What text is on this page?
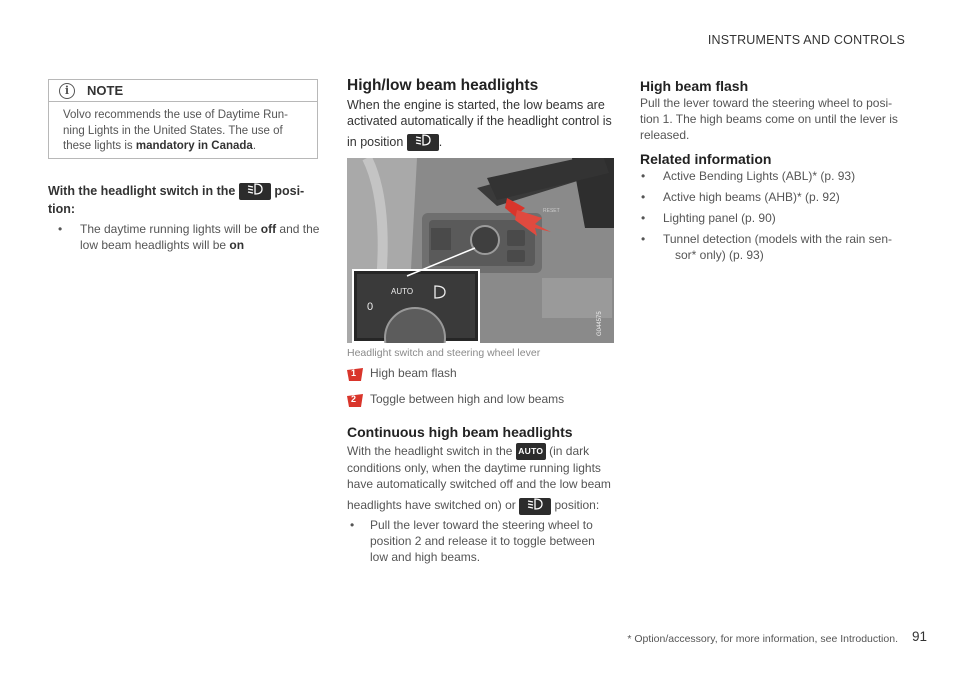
INSTRUMENTS AND CONTROLS
i	NOTE
Volvo recommends the use of Daytime Run-
ning Lights in the United States. The use of
these lights is mandatory in Canada.
With the headlight switch in the	posi-
tion:
• The daytime running lights will be off and the
low beam headlights will be on
High/low beam headlights
When the engine is started, the low beams are
activated automatically if the headlight control is
in position	.
RESET
AUTO
0
G044575
Headlight switch and steering wheel lever
1 High beam flash
2 Toggle between high and low beams
Continuous high beam headlights
With the headlight switch in the AUTO (in dark
conditions only, when the daytime running lights
have automatically switched off and the low beam
headlights have switched on) or	position:
• Pull the lever toward the steering wheel to
position 2 and release it to toggle between
low and high beams.
High beam flash
Pull the lever toward the steering wheel to posi-
tion 1. The high beams come on until the lever is
released.
Related information
• Active Bending Lights (ABL)* (p. 93)
• Active high beams (AHB)* (p. 92)
• Lighting panel (p. 90)
• Tunnel detection (models with the rain sen-
sor* only) (p. 93)
* Option/accessory, for more information, see Introduction. 91
